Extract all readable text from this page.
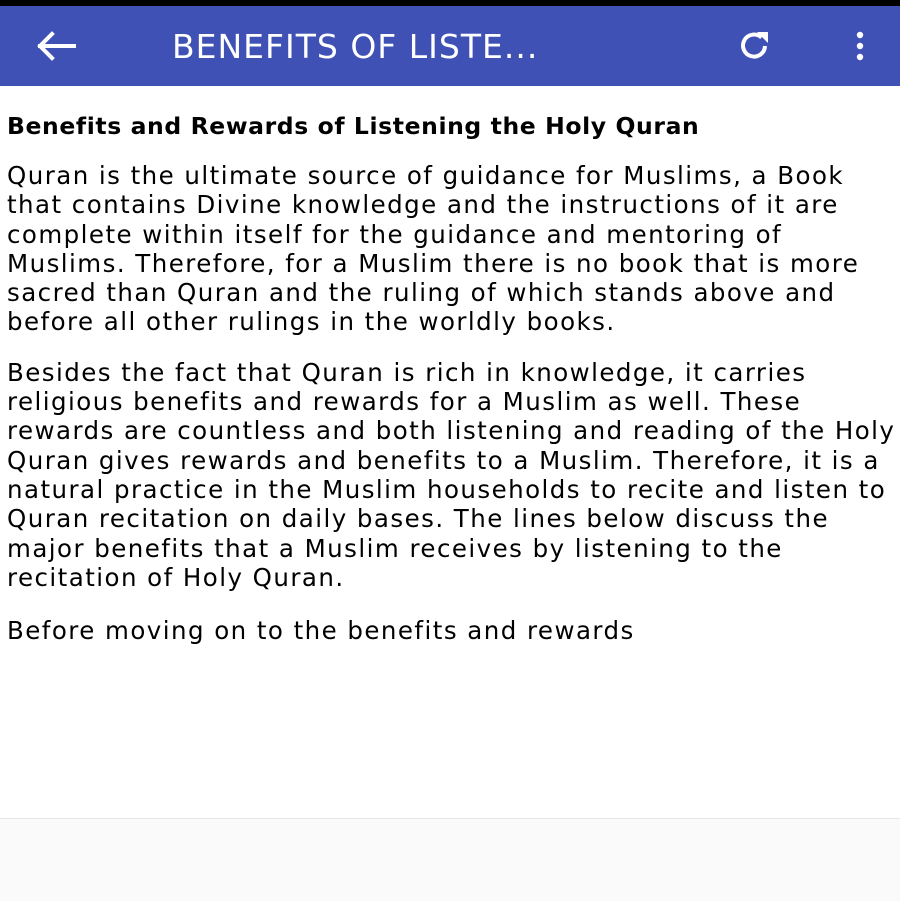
BENEFITS OF LISTE...
Benefits and Rewards of Listening the Holy Quran

Quran is the ultimate source of guidance for Muslims, a Book that contains Divine knowledge and the instructions of it are complete within itself for the guidance and mentoring of Muslims. Therefore, for a Muslim there is no book that is more sacred than Quran and the ruling of which stands above and before all other rulings in the worldly books.

Besides the fact that Quran is rich in knowledge, it carries religious benefits and rewards for a Muslim as well. These rewards are countless and both listening and reading of the Holy Quran gives rewards and benefits to a Muslim. Therefore, it is a natural practice in the Muslim households to recite and listen to Quran recitation on daily bases. The lines below discuss the major benefits that a Muslim receives by listening to the recitation of Holy Quran.

Before moving on to the benefits and rewards
